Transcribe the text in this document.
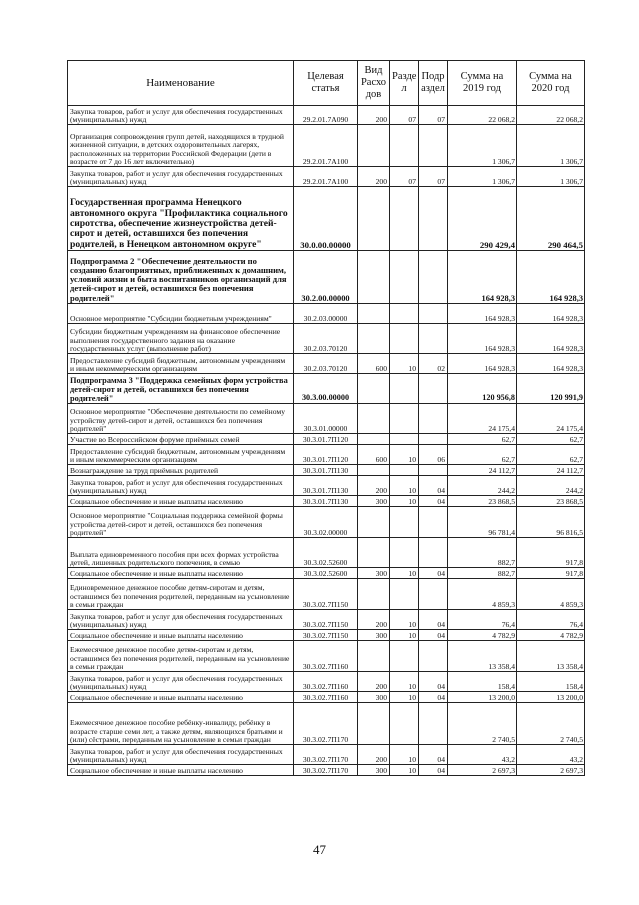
Наименование	Целевая статья	Вид Расхо дов	Разде л	Подр аздел	Сумма на 2019 год	Сумма на 2020 год
Закупка товаров, работ и услуг для обеспечения государственных (муниципальных) нужд	29.2.01.7А090	200	07	07	22 068,2	22 068,2
Организация сопровождения групп детей, находящихся в трудной жизненной ситуации, в детских оздоровительных лагерях, расположенных на территории Российской Федерации (дети в возрасте от 7 до 16 лет включительно)	29.2.01.7А100				1 306,7	1 306,7
Закупка товаров, работ и услуг для обеспечения государственных (муниципальных) нужд	29.2.01.7А100	200	07	07	1 306,7	1 306,7
Государственная программа Ненецкого автономного округа "Профилактика социального сиротства, обеспечение жизнеустройства детей-сирот и детей, оставшихся без попечения родителей, в Ненецком автономном округе"	30.0.00.00000				290 429,4	290 464,5
Подпрограмма 2 "Обеспечение деятельности по созданию благоприятных, приближенных к домашним, условий жизни и быта воспитанников организаций для детей-сирот и детей, оставшихся без попечения родителей"	30.2.00.00000				164 928,3	164 928,3
Основное мероприятие "Субсидии бюджетным учреждениям"	30.2.03.00000				164 928,3	164 928,3
Субсидии бюджетным учреждениям на финансовое обеспечение выполнения государственного задания на оказание государственных услуг (выполнение работ)	30.2.03.70120				164 928,3	164 928,3
Предоставление субсидий бюджетным, автономным учреждениям и иным некоммерческим организациям	30.2.03.70120	600	10	02	164 928,3	164 928,3
Подпрограмма 3 "Поддержка семейных форм устройства детей-сирот и детей, оставшихся без попечения родителей"	30.3.00.00000				120 956,8	120 991,9
Основное мероприятие "Обеспечение деятельности по семейному устройству детей-сирот и детей, оставшихся без попечения родителей"	30.3.01.00000				24 175,4	24 175,4
Участие во Всероссийском форуме приёмных семей	30.3.01.7П120				62,7	62,7
Предоставление субсидий бюджетным, автономным учреждениям и иным некоммерческим организациям	30.3.01.7П120	600	10	06	62,7	62,7
Вознаграждение за труд приёмных родителей	30.3.01.7П130				24 112,7	24 112,7
Закупка товаров, работ и услуг для обеспечения государственных (муниципальных) нужд	30.3.01.7П130	200	10	04	244,2	244,2
Социальное обеспечение и иные выплаты населению	30.3.01.7П130	300	10	04	23 868,5	23 868,5
Основное мероприятие "Социальная поддержка семейной формы устройства детей-сирот и детей, оставшихся без попечения родителей"	30.3.02.00000				96 781,4	96 816,5
Выплата единовременного пособия при всех формах устройства детей, лишенных родительского попечения, в семью	30.3.02.52600				882,7	917,8
Социальное обеспечение и иные выплаты населению	30.3.02.52600	300	10	04	882,7	917,8
Единовременное денежное пособие детям-сиротам и детям, оставшимся без попечения родителей, переданным на усыновление в семьи граждан	30.3.02.7П150				4 859,3	4 859,3
Закупка товаров, работ и услуг для обеспечения государственных (муниципальных) нужд	30.3.02.7П150	200	10	04	76,4	76,4
Социальное обеспечение и иные выплаты населению	30.3.02.7П150	300	10	04	4 782,9	4 782,9
Ежемесячное денежное пособие детям-сиротам и детям, оставшимся без попечения родителей, переданным на усыновление в семьи граждан	30.3.02.7П160				13 358,4	13 358,4
Закупка товаров, работ и услуг для обеспечения государственных (муниципальных) нужд	30.3.02.7П160	200	10	04	158,4	158,4
Социальное обеспечение и иные выплаты населению	30.3.02.7П160	300	10	04	13 200,0	13 200,0
Ежемесячное денежное пособие ребёнку-инвалиду, ребёнку в возрасте старше семи лет, а также детям, являющихся братьями и (или) сёстрами, переданным на усыновление в семьи граждан	30.3.02.7П170				2 740,5	2 740,5
Закупка товаров, работ и услуг для обеспечения государственных (муниципальных) нужд	30.3.02.7П170	200	10	04	43,2	43,2
Социальное обеспечение и иные выплаты населению	30.3.02.7П170	300	10	04	2 697,3	2 697,3
47
